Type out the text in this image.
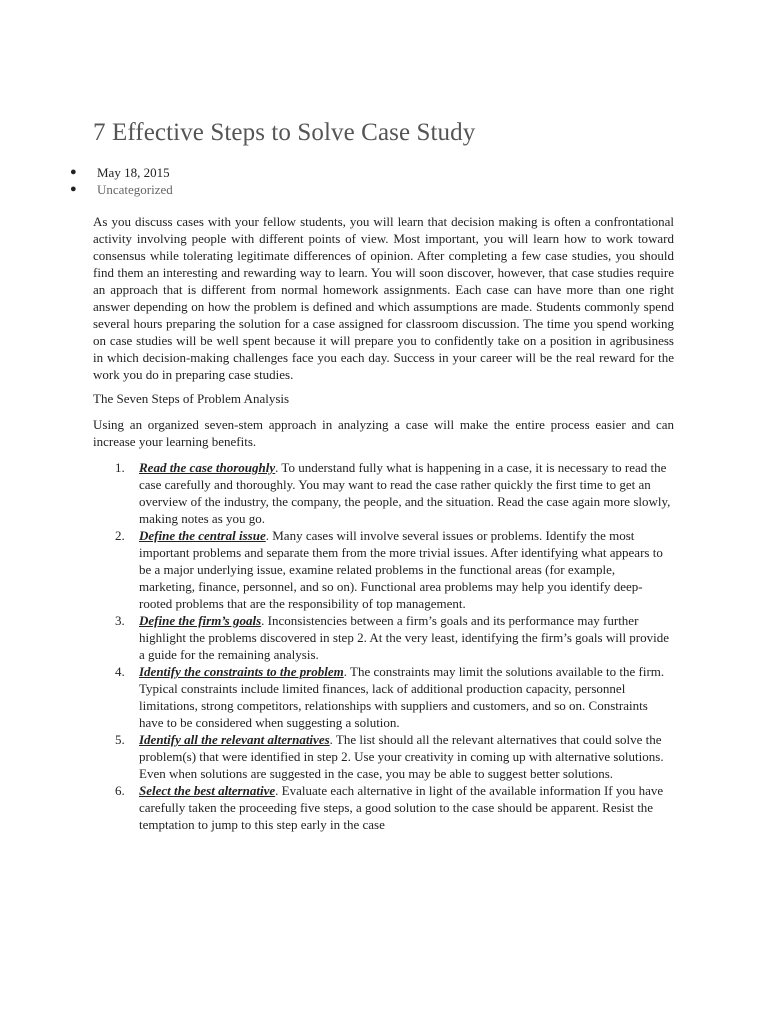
7 Effective Steps to Solve Case Study
● May 18, 2015
● Uncategorized

As you discuss cases with your fellow students, you will learn that decision making is often a confrontational activity involving people with different points of view. Most important, you will learn how to work toward consensus while tolerating legitimate differences of opinion. After completing a few case studies, you should find them an interesting and rewarding way to learn. You will soon discover, however, that case studies require an approach that is different from normal homework assignments. Each case can have more than one right answer depending on how the problem is defined and which assumptions are made. Students commonly spend several hours preparing the solution for a case assigned for classroom discussion. The time you spend working on case studies will be well spent because it will prepare you to confidently take on a position in agribusiness in which decision-making challenges face you each day. Success in your career will be the real reward for the work you do in preparing case studies.

The Seven Steps of Problem Analysis

Using an organized seven-stem approach in analyzing a case will make the entire process easier and can increase your learning benefits.

1. Read the case thoroughly. To understand fully what is happening in a case, it is necessary to read the case carefully and thoroughly. You may want to read the case rather quickly the first time to get an overview of the industry, the company, the people, and the situation. Read the case again more slowly, making notes as you go.
2. Define the central issue. Many cases will involve several issues or problems. Identify the most important problems and separate them from the more trivial issues. After identifying what appears to be a major underlying issue, examine related problems in the functional areas (for example, marketing, finance, personnel, and so on). Functional area problems may help you identify deep-rooted problems that are the responsibility of top management.
3. Define the firm’s goals. Inconsistencies between a firm’s goals and its performance may further highlight the problems discovered in step 2. At the very least, identifying the firm’s goals will provide a guide for the remaining analysis.
4. Identify the constraints to the problem. The constraints may limit the solutions available to the firm. Typical constraints include limited finances, lack of additional production capacity, personnel limitations, strong competitors, relationships with suppliers and customers, and so on. Constraints have to be considered when suggesting a solution.
5. Identify all the relevant alternatives. The list should all the relevant alternatives that could solve the problem(s) that were identified in step 2. Use your creativity in coming up with alternative solutions. Even when solutions are suggested in the case, you may be able to suggest better solutions.
6. Select the best alternative. Evaluate each alternative in light of the available information If you have carefully taken the proceeding five steps, a good solution to the case should be apparent. Resist the temptation to jump to this step early in the case
